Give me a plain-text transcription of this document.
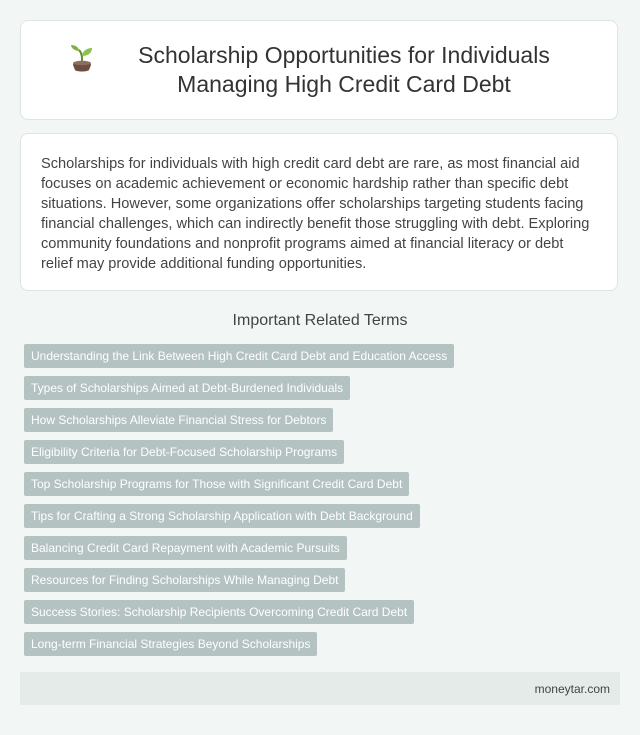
Scholarship Opportunities for Individuals Managing High Credit Card Debt

Scholarships for individuals with high credit card debt are rare, as most financial aid focuses on academic achievement or economic hardship rather than specific debt situations. However, some organizations offer scholarships targeting students facing financial challenges, which can indirectly benefit those struggling with debt. Exploring community foundations and nonprofit programs aimed at financial literacy or debt relief may provide additional funding opportunities.

Important Related Terms
Understanding the Link Between High Credit Card Debt and Education Access
Types of Scholarships Aimed at Debt-Burdened Individuals
How Scholarships Alleviate Financial Stress for Debtors
Eligibility Criteria for Debt-Focused Scholarship Programs
Top Scholarship Programs for Those with Significant Credit Card Debt
Tips for Crafting a Strong Scholarship Application with Debt Background
Balancing Credit Card Repayment with Academic Pursuits
Resources for Finding Scholarships While Managing Debt
Success Stories: Scholarship Recipients Overcoming Credit Card Debt
Long-term Financial Strategies Beyond Scholarships
moneytar.com
